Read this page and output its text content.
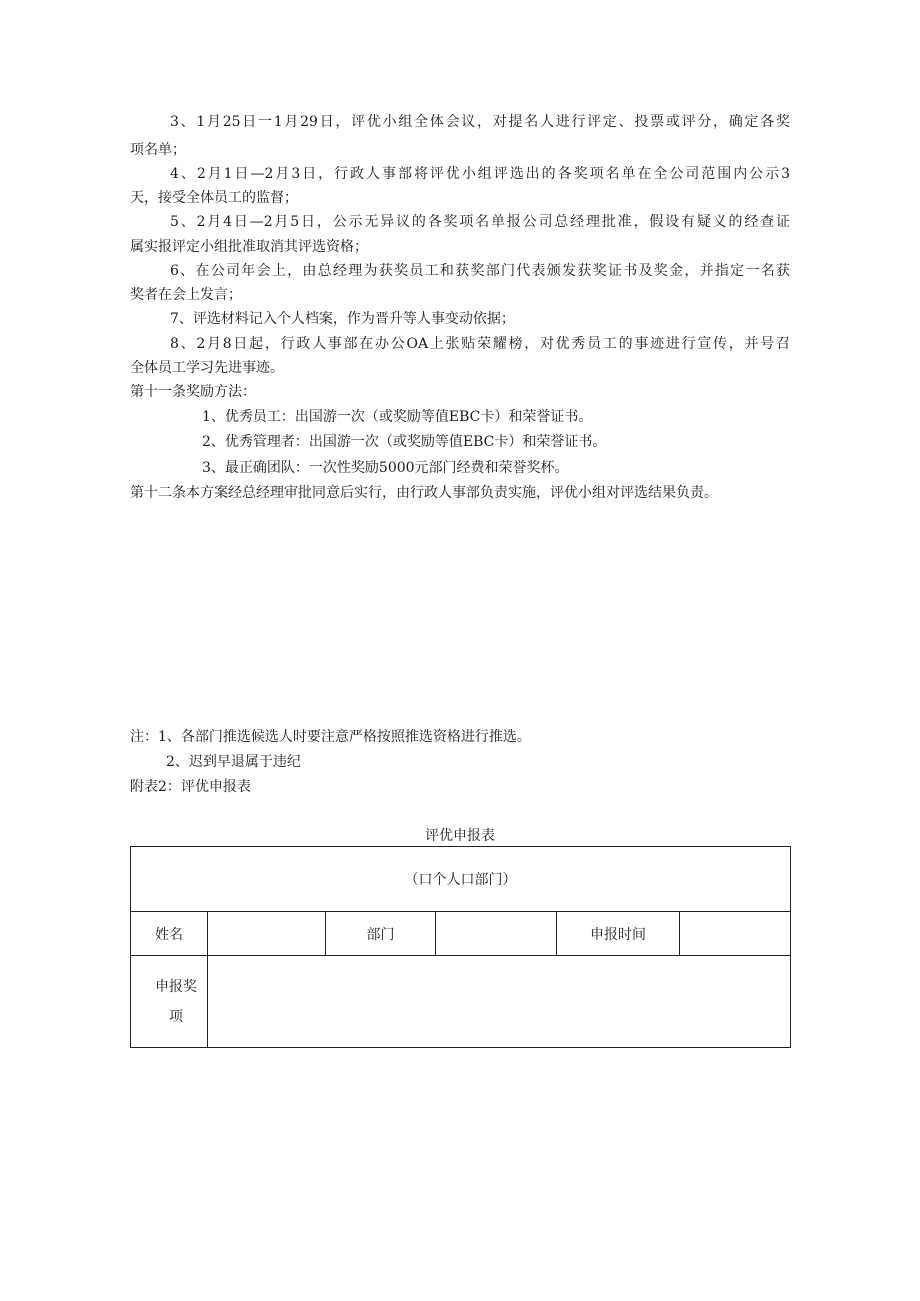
3、1月25日一1月29日，评优小组全体会议，对提名人进行评定、投票或评分，确定各奖
项名单；
4、2月1日—2月3日，行政人事部将评优小组评选出的各奖项名单在全公司范围内公示3
天，接受全体员工的监督；
5、2月4日—2月5日，公示无异议的各奖项名单报公司总经理批准，假设有疑义的经查证
属实报评定小组批准取消其评选资格；
6、在公司年会上，由总经理为获奖员工和获奖部门代表颁发获奖证书及奖金，并指定一名获
奖者在会上发言；
7、评选材料记入个人档案，作为晋升等人事变动依据；
8、2月8日起，行政人事部在办公OA上张贴荣耀榜，对优秀员工的事迹进行宣传，并号召
全体员工学习先进事迹。
第十一条奖励方法：
1、优秀员工：出国游一次（或奖励等值EBC卡）和荣誉证书。
2、优秀管理者：出国游一次（或奖励等值EBC卡）和荣誉证书。
3、最正确团队：一次性奖励5000元部门经费和荣誉奖杯。
第十二条本方案经总经理审批同意后实行，由行政人事部负责实施，评优小组对评选结果负责。
注：1、各部门推选候选人时要注意严格按照推选资格进行推选。
2、迟到早退属于违纪
附表2：评优申报表
评优申报表
（口个人口部门）					
姓名		部门		申报时间	

申报奖项					
